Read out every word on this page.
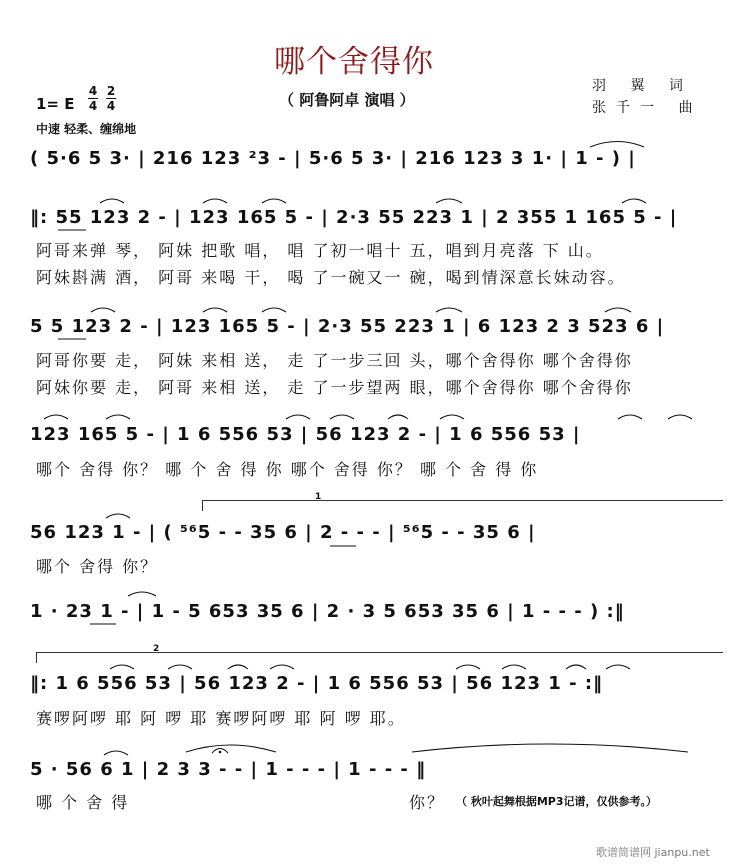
哪个舍得你
（ 阿鲁阿卓 演唱 ）
1= E $\frac{4}{4} \frac{2}{4}$
中速 轻柔、缠绵地
羽 翼 词
张千一 曲
( 5·6 5 3· | 216 123 ²3 - | 5·6 5 3· | 216 123 3 1· | 1 - ) |
‖: 55 123 2 - | 123 165 5 - | 2·3 55 223 1 | 2 355 1 165 5 - |
阿哥来弹 琴， 阿妹 把歌 唱， 唱 了初一唱十 五，唱到月亮落 下 山。
阿妹斟满 酒， 阿哥 来喝 干， 喝 了一碗又一 碗，喝到情深意长妹动容。
5 5 123 2 - | 123 165 5 - | 2·3 55 223 1 | 6 123 2 3 523 6 |
阿哥你要 走， 阿妹 来相 送， 走 了一步三回 头，哪个舍得你 哪个舍得你
阿妹你要 走， 阿哥 来相 送， 走 了一步望两 眼，哪个舍得你 哪个舍得你
123 165 5 - | 1 6 556 53 | 56 123 2 - | 1 6 556 53 |
哪个 舍得 你？ 哪 个 舍 得 你 哪个 舍得 你？ 哪 个 舍 得 你
1
56 123 1 - | ( ⁵⁶5 - - 35 6 | 2 - - - | ⁵⁶5 - - 35 6 |
哪个 舍得 你？
1 · 23 1 - | 1 - 5 653 35 6 | 2 · 3 5 653 35 6 | 1 - - - ) :‖
2
‖: 1 6 556 53 | 56 123 2 - | 1 6 556 53 | 56 123 1 - :‖
赛啰阿啰 耶 阿 啰 耶 赛啰阿啰 耶 阿 啰 耶。
5 · 56 6 1 | 2 3 3 - - | 1 - - - | 1 - - - ‖
哪 个 舍 得	你？ （ 秋叶起舞根据MP3记谱，仅供参考。）
歌谱简谱网 jianpu.net
